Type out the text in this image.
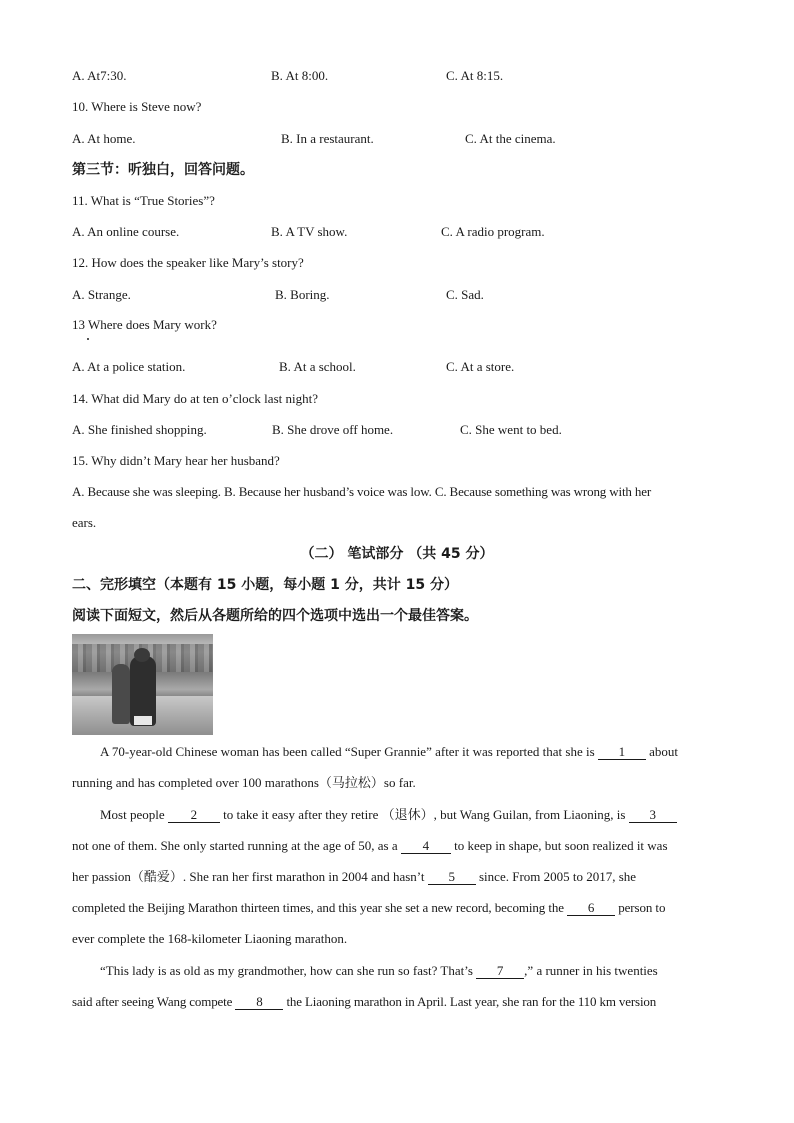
A. At7:30.	B. At 8:00.	C. At 8:15.
10. Where is Steve now?
A. At home.	B. In a restaurant.	C. At the cinema.
第三节：听独白，回答问题。
11. What is “True Stories”?
A. An online course.	B. A TV show.	C. A radio program.
12. How does the speaker like Mary’s story?
A. Strange.	B. Boring.	C. Sad.
13 Where does Mary work?
A. At a police station.	B. At a school.	C. At a store.
14. What did Mary do at ten o’clock last night?
A. She finished shopping.	B. She drove off home.	C. She went to bed.
15. Why didn’t Mary hear her husband?
A. Because she was sleeping. B. Because her husband’s voice was low. C. Because something was wrong with her
ears.
（二） 笔试部分 （共 45 分）
二、完形填空（本题有 15 小题，每小题 1 分，共计 15 分）
阅读下面短文，然后从各题所给的四个选项中选出一个最佳答案。
A 70-year-old Chinese woman has been called “Super Grannie” after it was reported that she is 1 about
running and has completed over 100 marathons（马拉松）so far.
Most people 2 to take it easy after they retire （退休）, but Wang Guilan, from Liaoning, is 3
not one of them. She only started running at the age of 50, as a 4 to keep in shape, but soon realized it was
her passion（酷爱）. She ran her first marathon in 2004 and hasn’t 5 since. From 2005 to 2017, she
completed the Beijing Marathon thirteen times, and this year she set a new record, becoming the 6 person to
ever complete the 168-kilometer Liaoning marathon.
“This lady is as old as my grandmother, how can she run so fast? That’s 7 ,” a runner in his twenties
said after seeing Wang compete 8 the Liaoning marathon in April. Last year, she ran for the 110 km version
